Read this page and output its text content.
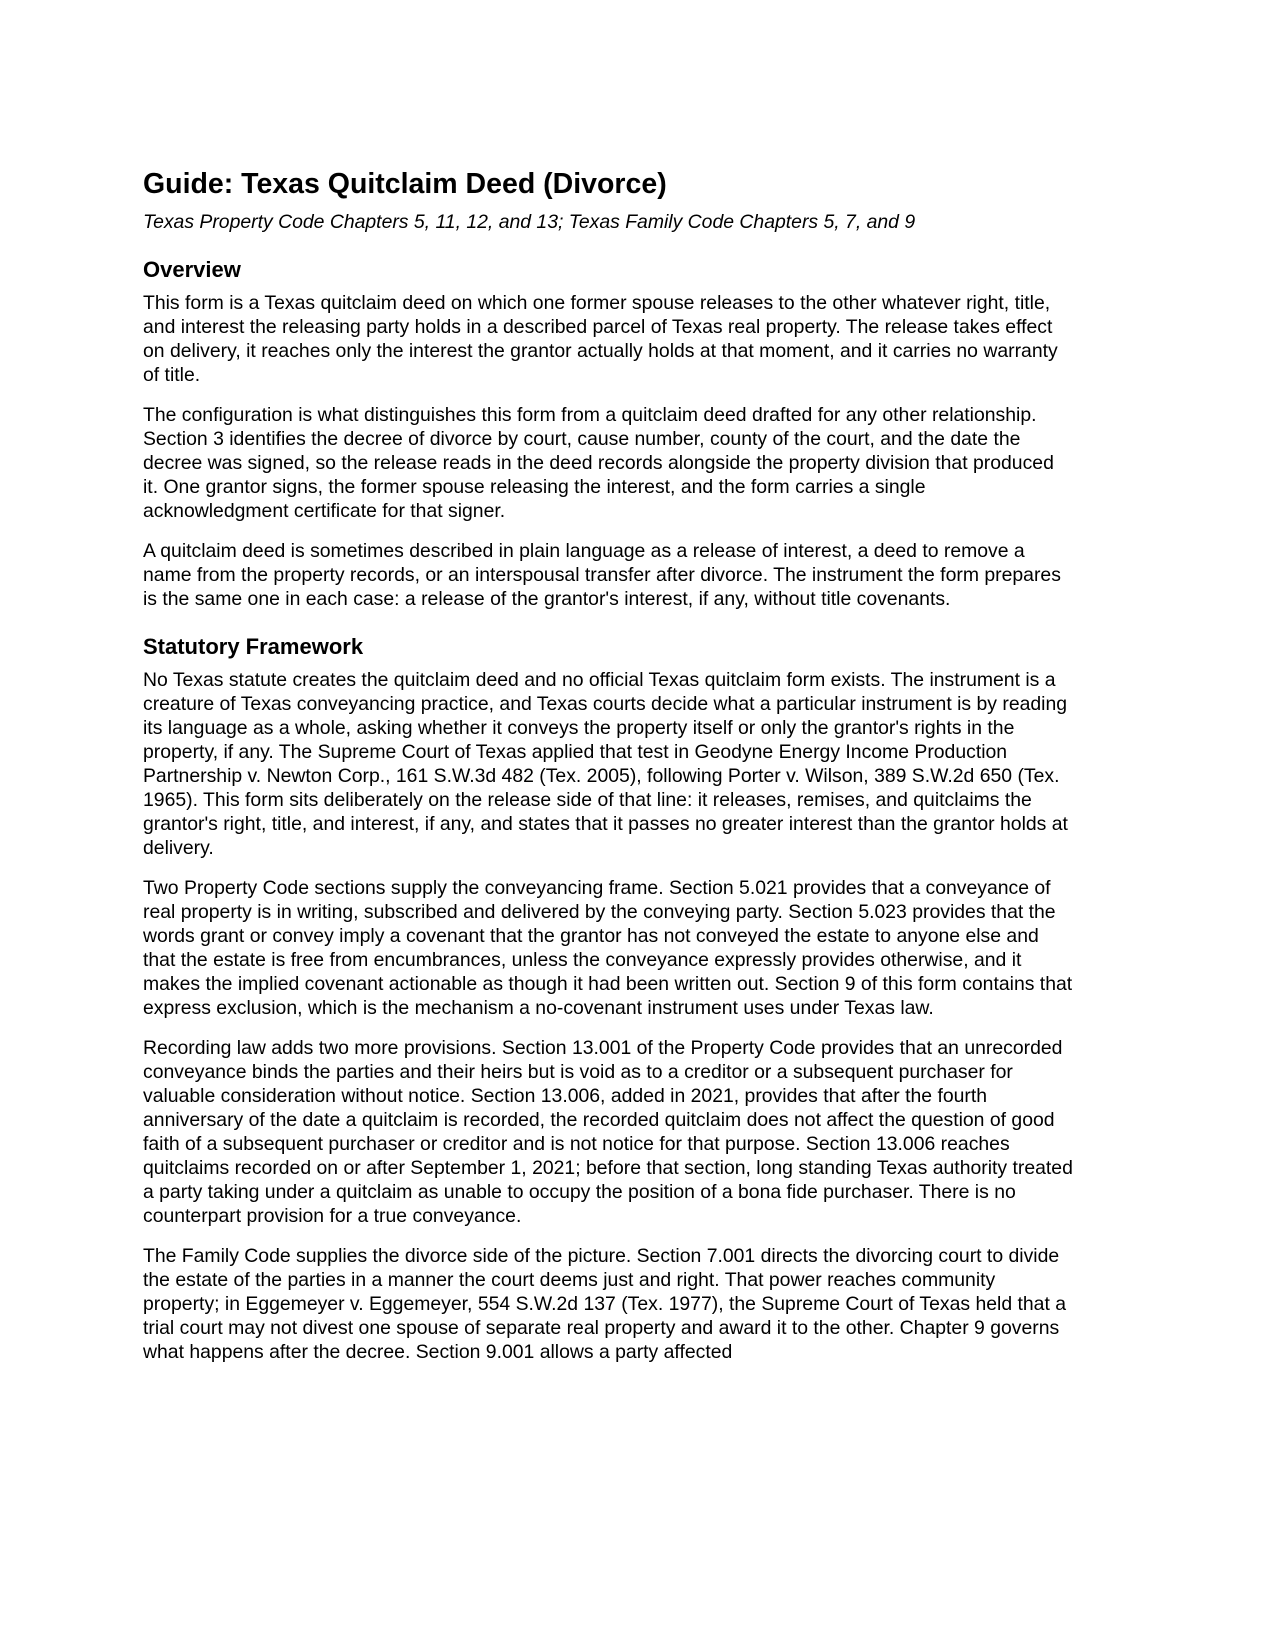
Guide: Texas Quitclaim Deed (Divorce)

Texas Property Code Chapters 5, 11, 12, and 13; Texas Family Code Chapters 5, 7, and 9

Overview

This form is a Texas quitclaim deed on which one former spouse releases to the other whatever right, title, and interest the releasing party holds in a described parcel of Texas real property. The release takes effect on delivery, it reaches only the interest the grantor actually holds at that moment, and it carries no warranty of title.

The configuration is what distinguishes this form from a quitclaim deed drafted for any other relationship. Section 3 identifies the decree of divorce by court, cause number, county of the court, and the date the decree was signed, so the release reads in the deed records alongside the property division that produced it. One grantor signs, the former spouse releasing the interest, and the form carries a single acknowledgment certificate for that signer.

A quitclaim deed is sometimes described in plain language as a release of interest, a deed to remove a name from the property records, or an interspousal transfer after divorce. The instrument the form prepares is the same one in each case: a release of the grantor's interest, if any, without title covenants.

Statutory Framework

No Texas statute creates the quitclaim deed and no official Texas quitclaim form exists. The instrument is a creature of Texas conveyancing practice, and Texas courts decide what a particular instrument is by reading its language as a whole, asking whether it conveys the property itself or only the grantor's rights in the property, if any. The Supreme Court of Texas applied that test in Geodyne Energy Income Production Partnership v. Newton Corp., 161 S.W.3d 482 (Tex. 2005), following Porter v. Wilson, 389 S.W.2d 650 (Tex. 1965). This form sits deliberately on the release side of that line: it releases, remises, and quitclaims the grantor's right, title, and interest, if any, and states that it passes no greater interest than the grantor holds at delivery.

Two Property Code sections supply the conveyancing frame. Section 5.021 provides that a conveyance of real property is in writing, subscribed and delivered by the conveying party. Section 5.023 provides that the words grant or convey imply a covenant that the grantor has not conveyed the estate to anyone else and that the estate is free from encumbrances, unless the conveyance expressly provides otherwise, and it makes the implied covenant actionable as though it had been written out. Section 9 of this form contains that express exclusion, which is the mechanism a no-covenant instrument uses under Texas law.

Recording law adds two more provisions. Section 13.001 of the Property Code provides that an unrecorded conveyance binds the parties and their heirs but is void as to a creditor or a subsequent purchaser for valuable consideration without notice. Section 13.006, added in 2021, provides that after the fourth anniversary of the date a quitclaim is recorded, the recorded quitclaim does not affect the question of good faith of a subsequent purchaser or creditor and is not notice for that purpose. Section 13.006 reaches quitclaims recorded on or after September 1, 2021; before that section, long standing Texas authority treated a party taking under a quitclaim as unable to occupy the position of a bona fide purchaser. There is no counterpart provision for a true conveyance.

The Family Code supplies the divorce side of the picture. Section 7.001 directs the divorcing court to divide the estate of the parties in a manner the court deems just and right. That power reaches community property; in Eggemeyer v. Eggemeyer, 554 S.W.2d 137 (Tex. 1977), the Supreme Court of Texas held that a trial court may not divest one spouse of separate real property and award it to the other. Chapter 9 governs what happens after the decree. Section 9.001 allows a party affected
